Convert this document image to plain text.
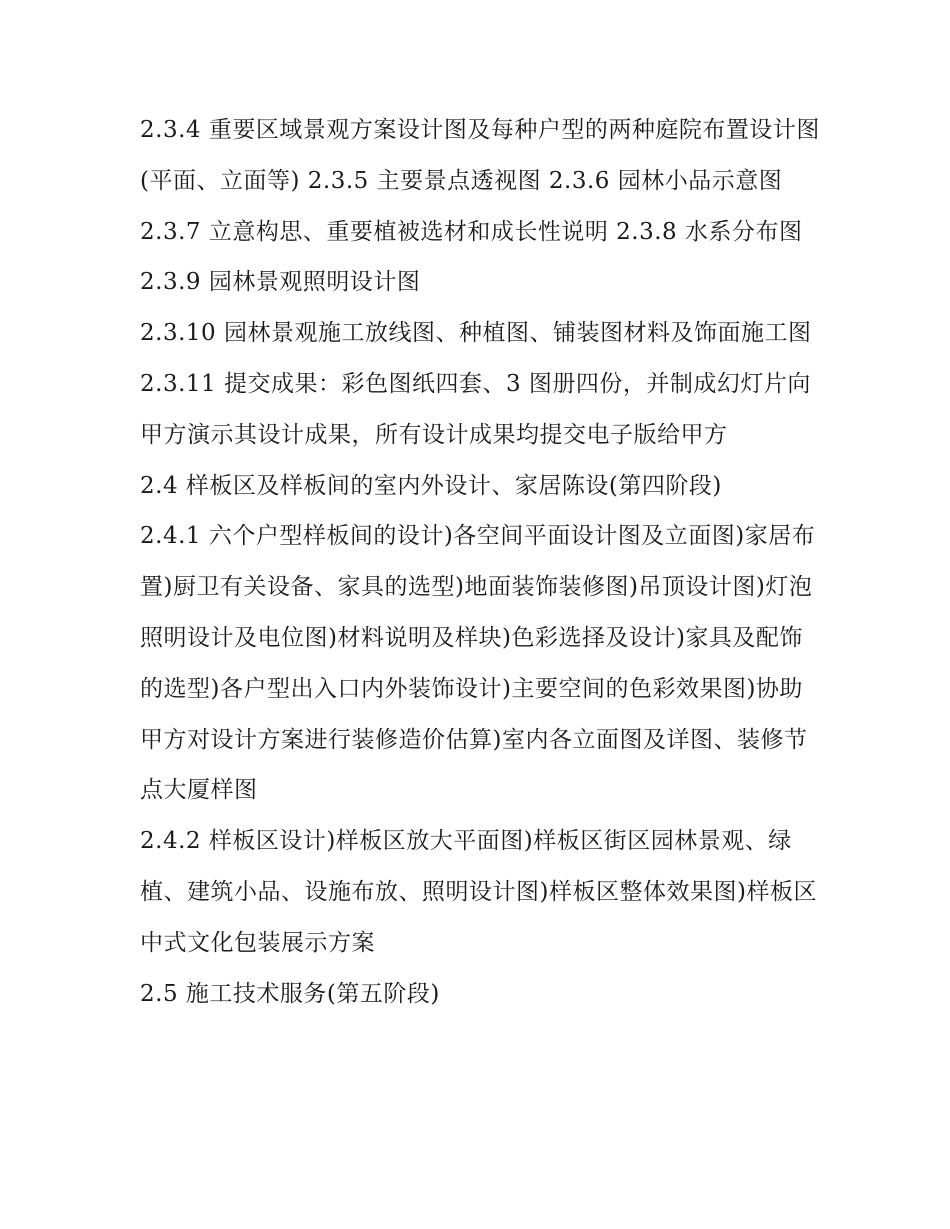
2.3.4 重要区域景观方案设计图及每种户型的两种庭院布置设计图(平面、立面等) 2.3.5 主要景点透视图 2.3.6 园林小品示意图

2.3.7 立意构思、重要植被选材和成长性说明 2.3.8 水系分布图

2.3.9 园林景观照明设计图

2.3.10 园林景观施工放线图、种植图、铺装图材料及饰面施工图

2.3.11 提交成果：彩色图纸四套、3 图册四份，并制成幻灯片向甲方演示其设计成果，所有设计成果均提交电子版给甲方

2.4 样板区及样板间的室内外设计、家居陈设(第四阶段)

2.4.1 六个户型样板间的设计)各空间平面设计图及立面图)家居布置)厨卫有关设备、家具的选型)地面装饰装修图)吊顶设计图)灯泡照明设计及电位图)材料说明及样块)色彩选择及设计)家具及配饰的选型)各户型出入口内外装饰设计)主要空间的色彩效果图)协助甲方对设计方案进行装修造价估算)室内各立面图及详图、装修节点大厦样图

2.4.2 样板区设计)样板区放大平面图)样板区街区园林景观、绿植、建筑小品、设施布放、照明设计图)样板区整体效果图)样板区中式文化包装展示方案

2.5 施工技术服务(第五阶段)
